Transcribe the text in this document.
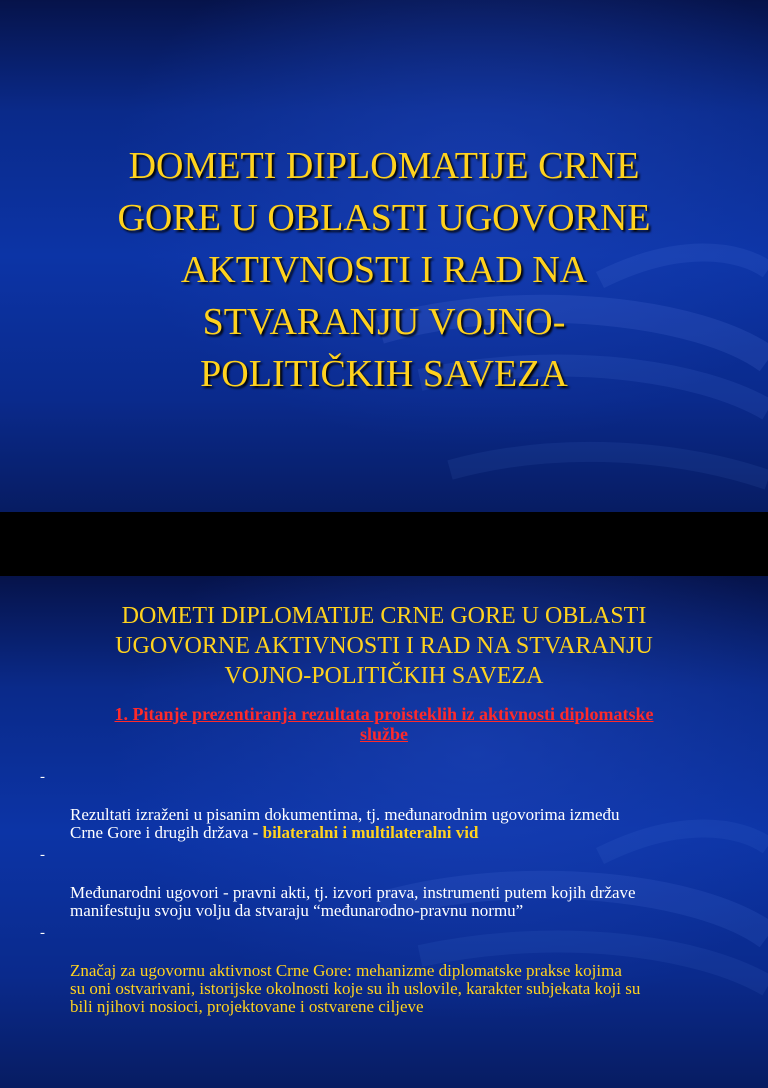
DOMETI DIPLOMATIJE CRNE
GORE U OBLASTI UGOVORNE
AKTIVNOSTI I RAD NA
STVARANJU VOJNO-
POLITIČKIH SAVEZA
DOMETI DIPLOMATIJE CRNE GORE U OBLASTI
UGOVORNE AKTIVNOSTI I RAD NA STVARANJU
VOJNO-POLITIČKIH SAVEZA
1. Pitanje prezentiranja rezultata proisteklih iz aktivnosti diplomatske
službe

-

Rezultati izraženi u pisanim dokumentima, tj. međunarodnim ugovorima između
Crne Gore i drugih država - bilateralni i multilateralni vid

-

Međunarodni ugovori - pravni akti, tj. izvori prava, instrumenti putem kojih države
manifestuju svoju volju da stvaraju “međunarodno-pravnu normu”

-

Značaj za ugovornu aktivnost Crne Gore: mehanizme diplomatske prakse kojima
su oni ostvarivani, istorijske okolnosti koje su ih uslovile, karakter subjekata koji su
bili njihovi nosioci, projektovane i ostvarene ciljeve
